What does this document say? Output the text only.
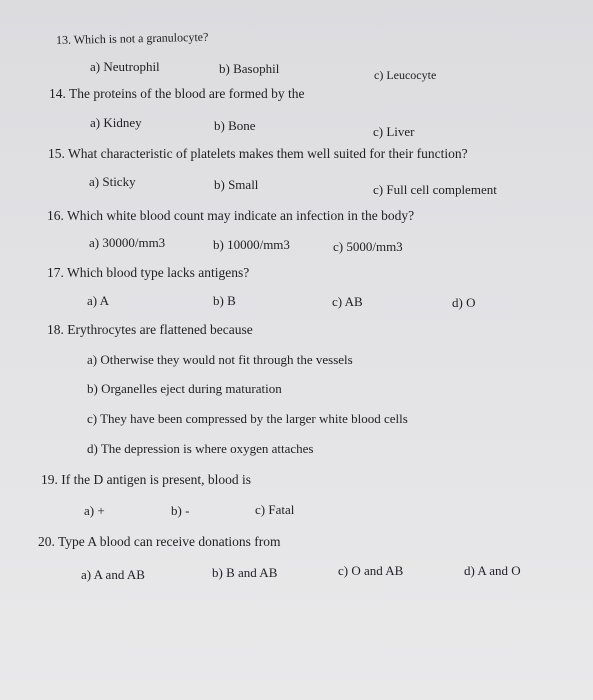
13. Which is not a granulocyte?
a) Neutrophil	b) Basophil	c) Leucocyte
14. The proteins of the blood are formed by the
a) Kidney	b) Bone	c) Liver
15. What characteristic of platelets makes them well suited for their function?
a) Sticky	b) Small	c) Full cell complement
16. Which white blood count may indicate an infection in the body?
a) 30000/mm3	b) 10000/mm3	c) 5000/mm3
17. Which blood type lacks antigens?
a) A	b) B	c) AB	d) O
18. Erythrocytes are flattened because
a) Otherwise they would not fit through the vessels
b) Organelles eject during maturation
c) They have been compressed by the larger white blood cells
d) The depression is where oxygen attaches
19. If the D antigen is present, blood is
a) +	b) -	c) Fatal
20. Type A blood can receive donations from
a) A and AB	b) B and AB	c) O and AB	d) A and O
